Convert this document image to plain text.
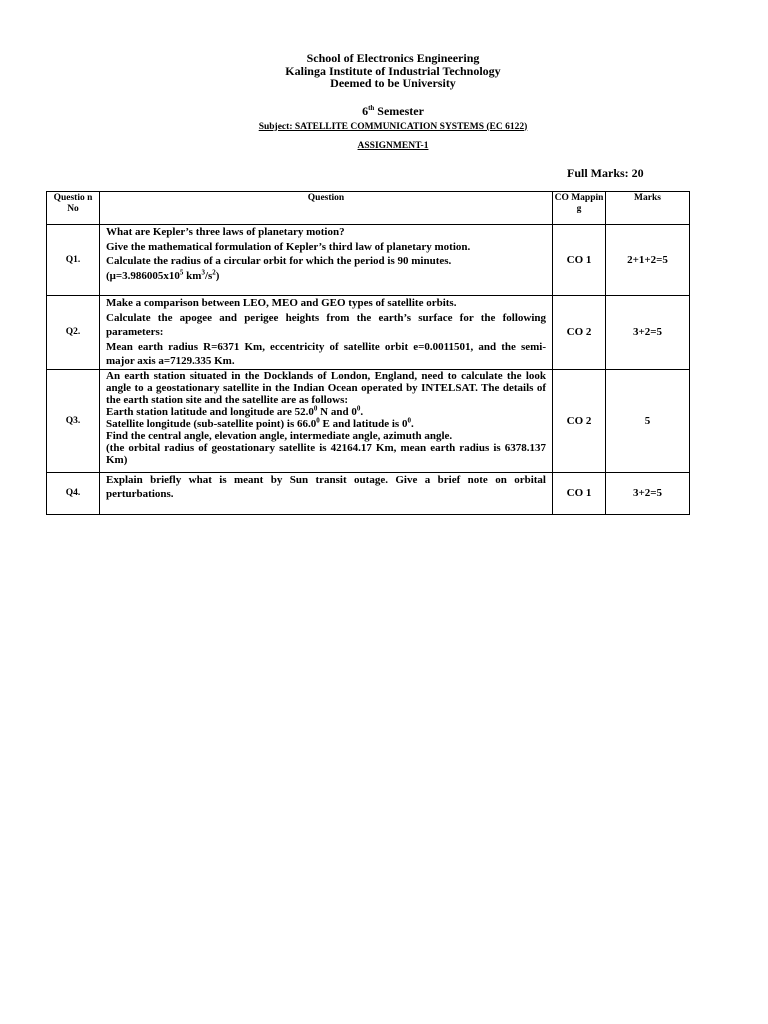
School of Electronics Engineering
Kalinga Institute of Industrial Technology
Deemed to be University
6th Semester
Subject: SATELLITE COMMUNICATION SYSTEMS (EC 6122)
ASSIGNMENT-1
Full Marks: 20
Questio n No	Question	CO Mappin g	Marks
Q1.	What are Kepler’s three laws of planetary motion?

Give the mathematical formulation of Kepler’s third law of planetary motion.

Calculate the radius of a circular orbit for which the period is 90 minutes.

($\mu=3.986005x10^5$ $km^3/s^2$)	CO 1	2+1+2=5
Q2.	Make a comparison between LEO, MEO and GEO types of satellite orbits.

Calculate the apogee and perigee heights from the earth’s surface for the following parameters:

Mean earth radius R=6371 Km, eccentricity of satellite orbit e=0.0011501, and the semi-major axis a=7129.335 Km.	CO 2	3+2=5
Q3.	An earth station situated in the Docklands of London, England, need to calculate the look angle to a geostationary satellite in the Indian Ocean operated by INTELSAT. The details of the earth station site and the satellite are as follows:

Earth station latitude and longitude are 52.0$^0$ N and $0^0$.

Satellite longitude (sub-satellite point) is 66.0$^0$ E and latitude is $0^0$.

Find the central angle, elevation angle, intermediate angle, azimuth angle.

(the orbital radius of geostationary satellite is 42164.17 Km, mean earth radius is 6378.137 Km)	CO 2	5
Q4.	Explain briefly what is meant by Sun transit outage. Give a brief note on orbital perturbations.	CO 1	3+2=5
